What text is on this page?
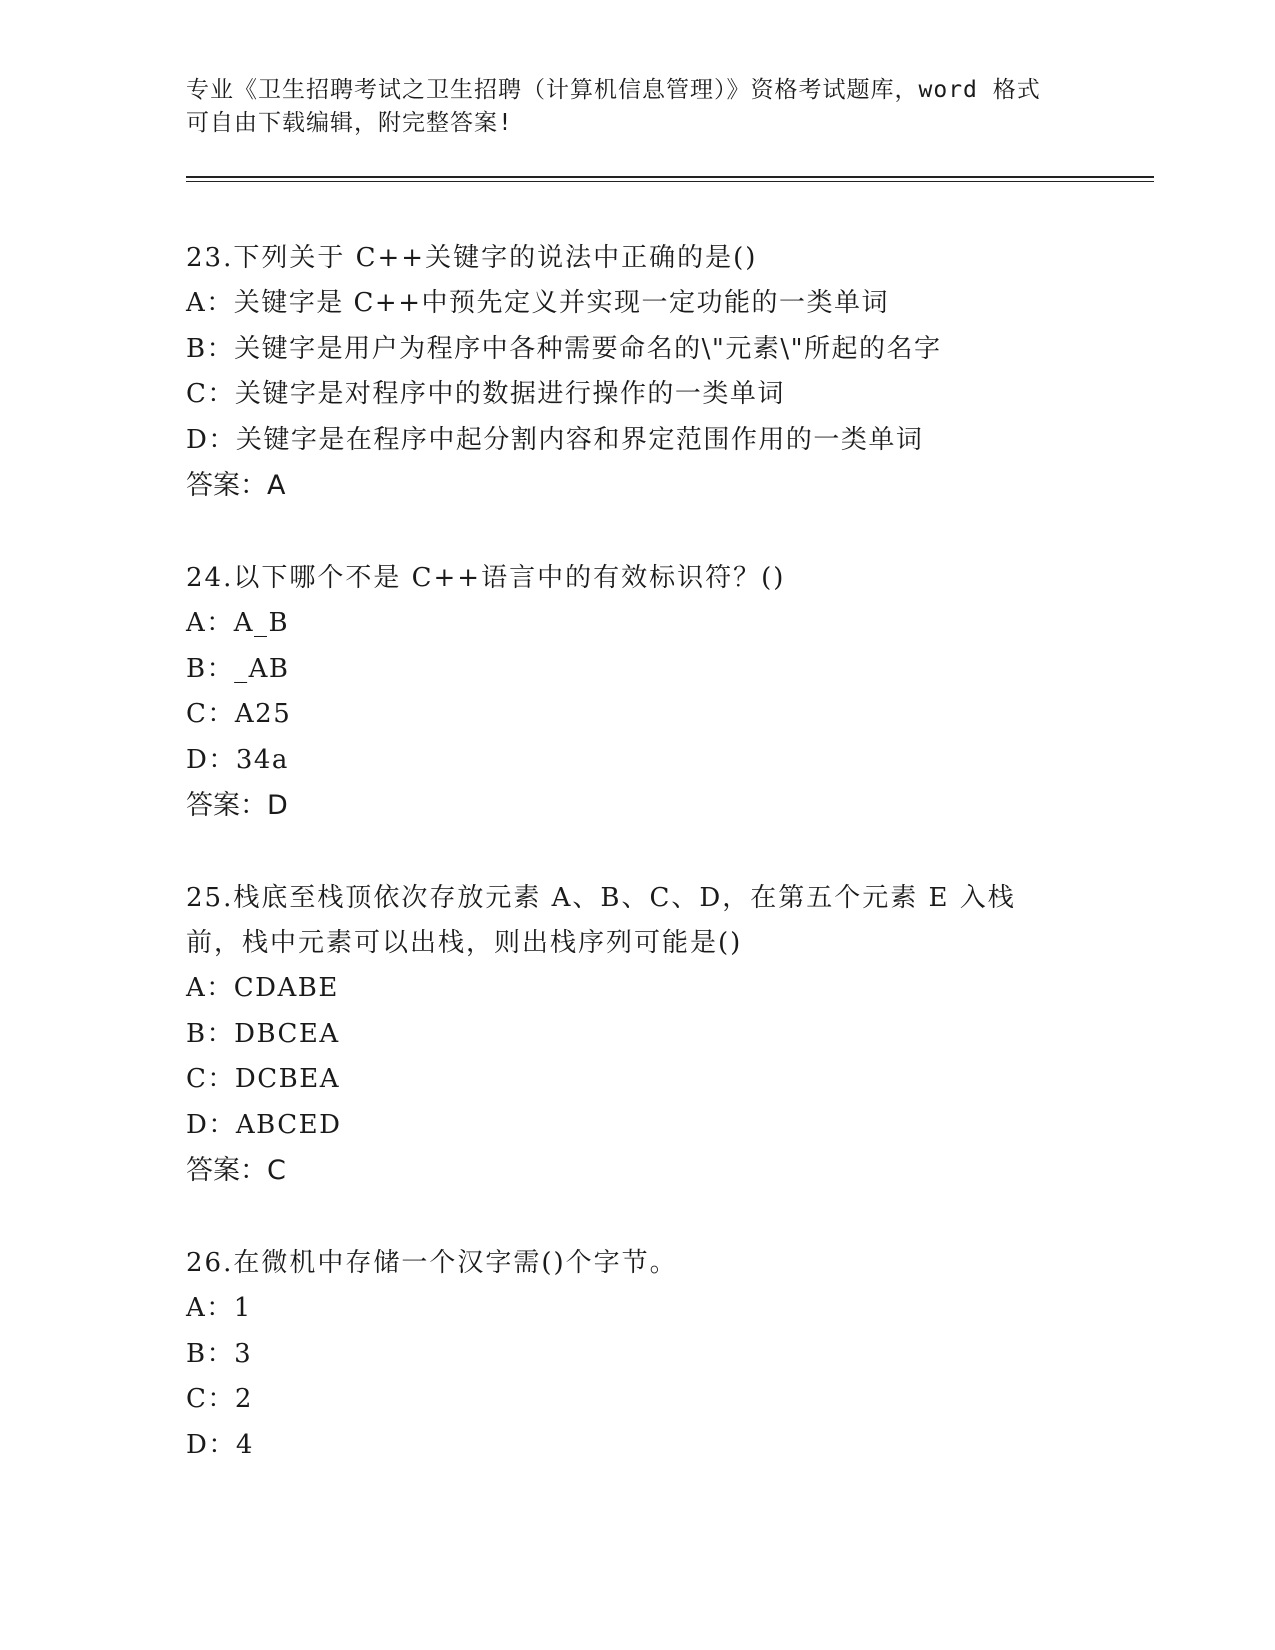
专业《卫生招聘考试之卫生招聘（计算机信息管理）》资格考试题库，word 格式
可自由下载编辑，附完整答案!
23.下列关于 C++关键字的说法中正确的是()
A：关键字是 C++中预先定义并实现一定功能的一类单词
B：关键字是用户为程序中各种需要命名的\"元素\"所起的名字
C：关键字是对程序中的数据进行操作的一类单词
D：关键字是在程序中起分割内容和界定范围作用的一类单词
答案：A
24.以下哪个不是 C++语言中的有效标识符？()
A：A_B
B：_AB
C：A25
D：34a
答案：D
25.栈底至栈顶依次存放元素 A、B、C、D，在第五个元素 E 入栈前，栈中元素可以出栈，则出栈序列可能是()
A：CDABE
B：DBCEA
C：DCBEA
D：ABCED
答案：C
26.在微机中存储一个汉字需()个字节。
A：1
B：3
C：2
D：4
